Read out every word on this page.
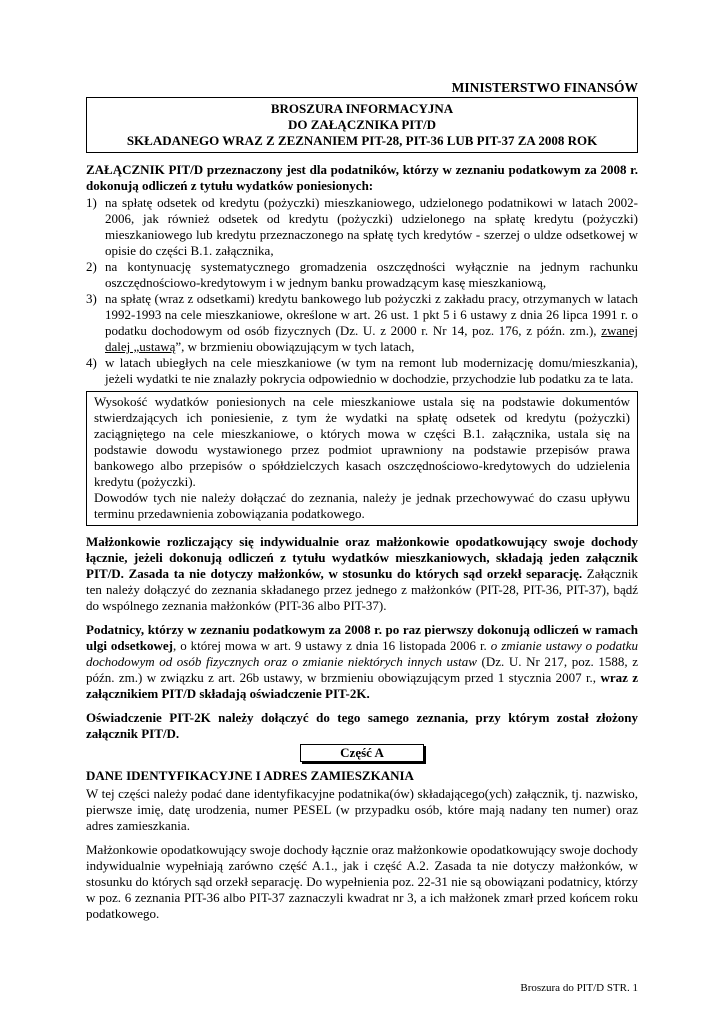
MINISTERSTWO FINANSÓW
BROSZURA INFORMACYJNA
DO ZAŁĄCZNIKA PIT/D
SKŁADANEGO WRAZ Z ZEZNANIEM PIT-28, PIT-36 LUB PIT-37 ZA 2008 ROK
ZAŁĄCZNIK PIT/D przeznaczony jest dla podatników, którzy w zeznaniu podatkowym za 2008 r. dokonują odliczeń z tytułu wydatków poniesionych:
1) na spłatę odsetek od kredytu (pożyczki) mieszkaniowego, udzielonego podatnikowi w latach 2002-2006, jak również odsetek od kredytu (pożyczki) udzielonego na spłatę kredytu (pożyczki) mieszkaniowego lub kredytu przeznaczonego na spłatę tych kredytów - szerzej o uldze odsetkowej w opisie do części B.1. załącznika,
2) na kontynuację systematycznego gromadzenia oszczędności wyłącznie na jednym rachunku oszczędnościowo-kredytowym i w jednym banku prowadzącym kasę mieszkaniową,
3) na spłatę (wraz z odsetkami) kredytu bankowego lub pożyczki z zakładu pracy, otrzymanych w latach 1992-1993 na cele mieszkaniowe, określone w art. 26 ust. 1 pkt 5 i 6 ustawy z dnia 26 lipca 1991 r. o podatku dochodowym od osób fizycznych (Dz. U. z 2000 r. Nr 14, poz. 176, z późn. zm.), zwanej dalej „ustawą”, w brzmieniu obowiązującym w tych latach,
4) w latach ubiegłych na cele mieszkaniowe (w tym na remont lub modernizację domu/mieszkania), jeżeli wydatki te nie znalazły pokrycia odpowiednio w dochodzie, przychodzie lub podatku za te lata.
Wysokość wydatków poniesionych na cele mieszkaniowe ustala się na podstawie dokumentów stwierdzających ich poniesienie, z tym że wydatki na spłatę odsetek od kredytu (pożyczki) zaciągniętego na cele mieszkaniowe, o których mowa w części B.1. załącznika, ustala się na podstawie dowodu wystawionego przez podmiot uprawniony na podstawie przepisów prawa bankowego albo przepisów o spółdzielczych kasach oszczędnościowo-kredytowych do udzielenia kredytu (pożyczki).
Dowodów tych nie należy dołączać do zeznania, należy je jednak przechowywać do czasu upływu terminu przedawnienia zobowiązania podatkowego.
Małżonkowie rozliczający się indywidualnie oraz małżonkowie opodatkowujący swoje dochody łącznie, jeżeli dokonują odliczeń z tytułu wydatków mieszkaniowych, składają jeden załącznik PIT/D. Zasada ta nie dotyczy małżonków, w stosunku do których sąd orzekł separację. Załącznik ten należy dołączyć do zeznania składanego przez jednego z małżonków (PIT-28, PIT-36, PIT-37), bądź do wspólnego zeznania małżonków (PIT-36 albo PIT-37).
Podatnicy, którzy w zeznaniu podatkowym za 2008 r. po raz pierwszy dokonują odliczeń w ramach ulgi odsetkowej, o której mowa w art. 9 ustawy z dnia 16 listopada 2006 r. o zmianie ustawy o podatku dochodowym od osób fizycznych oraz o zmianie niektórych innych ustaw (Dz. U. Nr 217, poz. 1588, z późn. zm.) w związku z art. 26b ustawy, w brzmieniu obowiązującym przed 1 stycznia 2007 r., wraz z załącznikiem PIT/D składają oświadczenie PIT-2K.
Oświadczenie PIT-2K należy dołączyć do tego samego zeznania, przy którym został złożony załącznik PIT/D.
Część A
DANE IDENTYFIKACYJNE I ADRES ZAMIESZKANIA
W tej części należy podać dane identyfikacyjne podatnika(ów) składającego(ych) załącznik, tj. nazwisko, pierwsze imię, datę urodzenia, numer PESEL (w przypadku osób, które mają nadany ten numer) oraz adres zamieszkania.
Małżonkowie opodatkowujący swoje dochody łącznie oraz małżonkowie opodatkowujący swoje dochody indywidualnie wypełniają zarówno część A.1., jak i część A.2. Zasada ta nie dotyczy małżonków, w stosunku do których sąd orzekł separację. Do wypełnienia poz. 22-31 nie są obowiązani podatnicy, którzy w poz. 6 zeznania PIT-36 albo PIT-37 zaznaczyli kwadrat nr 3, a ich małżonek zmarł przed końcem roku podatkowego.
Broszura do PIT/D STR. 1
